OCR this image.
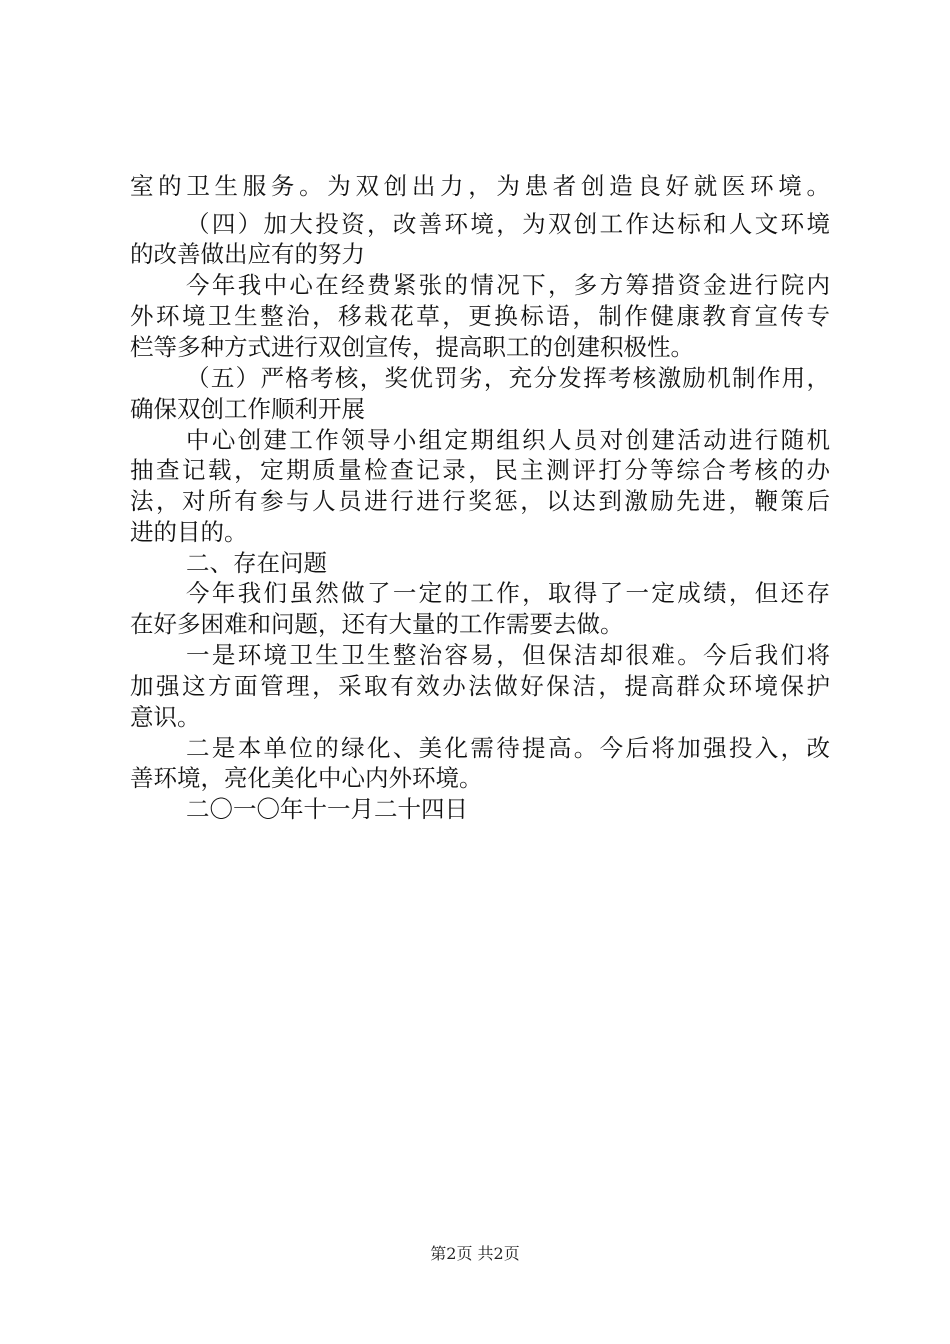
室的卫生服务。为双创出力，为患者创造良好就医环境。
（四）加大投资，改善环境，为双创工作达标和人文环境
的改善做出应有的努力
今年我中心在经费紧张的情况下，多方筹措资金进行院内
外环境卫生整治，移栽花草，更换标语，制作健康教育宣传专
栏等多种方式进行双创宣传，提高职工的创建积极性。
（五）严格考核，奖优罚劣，充分发挥考核激励机制作用，
确保双创工作顺利开展
中心创建工作领导小组定期组织人员对创建活动进行随机
抽查记载，定期质量检查记录，民主测评打分等综合考核的办
法，对所有参与人员进行进行奖惩，以达到激励先进，鞭策后
进的目的。
二、存在问题
今年我们虽然做了一定的工作，取得了一定成绩，但还存
在好多困难和问题，还有大量的工作需要去做。
一是环境卫生卫生整治容易，但保洁却很难。今后我们将
加强这方面管理，采取有效办法做好保洁，提高群众环境保护
意识。
二是本单位的绿化、美化需待提高。今后将加强投入，改
善环境，亮化美化中心内外环境。
二〇一〇年十一月二十四日
第2页 共2页
